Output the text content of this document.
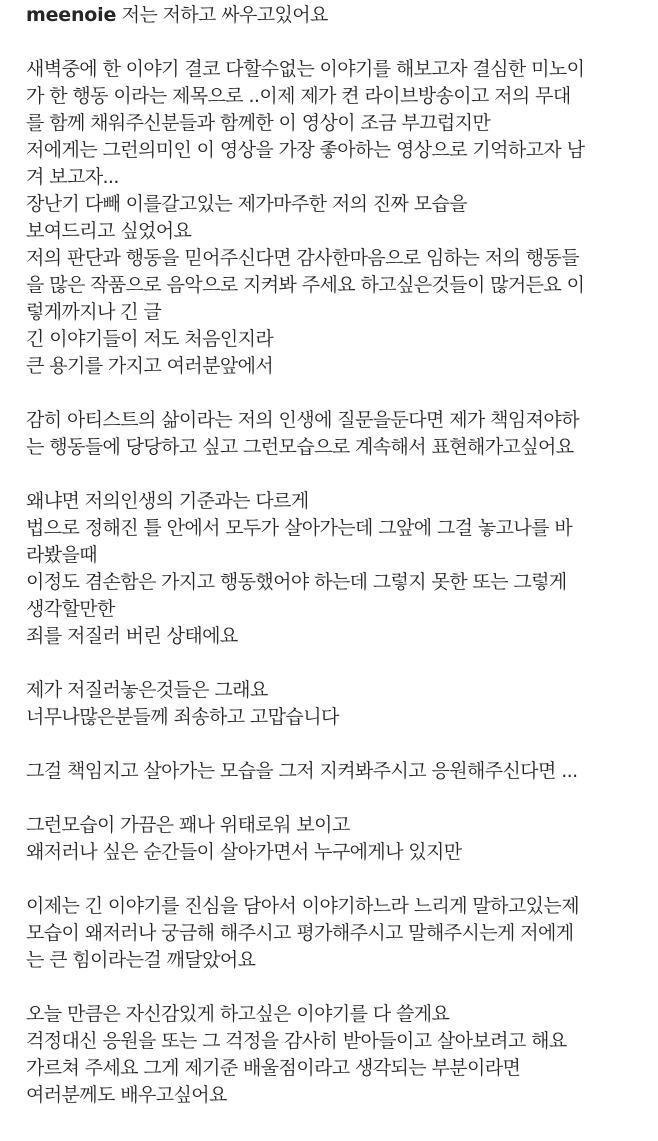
meenoie 저는 저하고 싸우고있어요
새벽중에 한 이야기 결코 다할수없는 이야기를 해보고자 결심한 미노이
가 한 행동 이라는 제목으로 ..이제 제가 켠 라이브방송이고 저의 무대
를 함께 채워주신분들과 함께한 이 영상이 조금 부끄럽지만
저에게는 그런의미인 이 영상을 가장 좋아하는 영상으로 기억하고자 남
겨 보고자...
장난기 다빼 이를갈고있는 제가마주한 저의 진짜 모습을
보여드리고 싶었어요
저의 판단과 행동을 믿어주신다면 감사한마음으로 임하는 저의 행동들
을 많은 작품으로 음악으로 지켜봐 주세요 하고싶은것들이 많거든요 이
렇게까지나 긴 글
긴 이야기들이 저도 처음인지라
큰 용기를 가지고 여러분앞에서
감히 아티스트의 삶이라는 저의 인생에 질문을둔다면 제가 책임져야하
는 행동들에 당당하고 싶고 그런모습으로 계속해서 표현해가고싶어요
왜냐면 저의인생의 기준과는 다르게
법으로 정해진 틀 안에서 모두가 살아가는데 그앞에 그걸 놓고나를 바
라봤을때
이정도 겸손함은 가지고 행동했어야 하는데 그렇지 못한 또는 그렇게
생각할만한
죄를 저질러 버린 상태에요
제가 저질러놓은것들은 그래요
너무나많은분들께 죄송하고 고맙습니다
그걸 책임지고 살아가는 모습을 그저 지켜봐주시고 응원해주신다면 ...
그런모습이 가끔은 꽤나 위태로워 보이고
왜저러나 싶은 순간들이 살아가면서 누구에게나 있지만
이제는 긴 이야기를 진심을 담아서 이야기하느라 느리게 말하고있는제
모습이 왜저러나 궁금해 해주시고 평가해주시고 말해주시는게 저에게
는 큰 힘이라는걸 깨달았어요
오늘 만큼은 자신감있게 하고싶은 이야기를 다 쓸게요
걱정대신 응원을 또는 그 걱정을 감사히 받아들이고 살아보려고 해요
가르쳐 주세요 그게 제기준 배울점이라고 생각되는 부분이라면
여러분께도 배우고싶어요
